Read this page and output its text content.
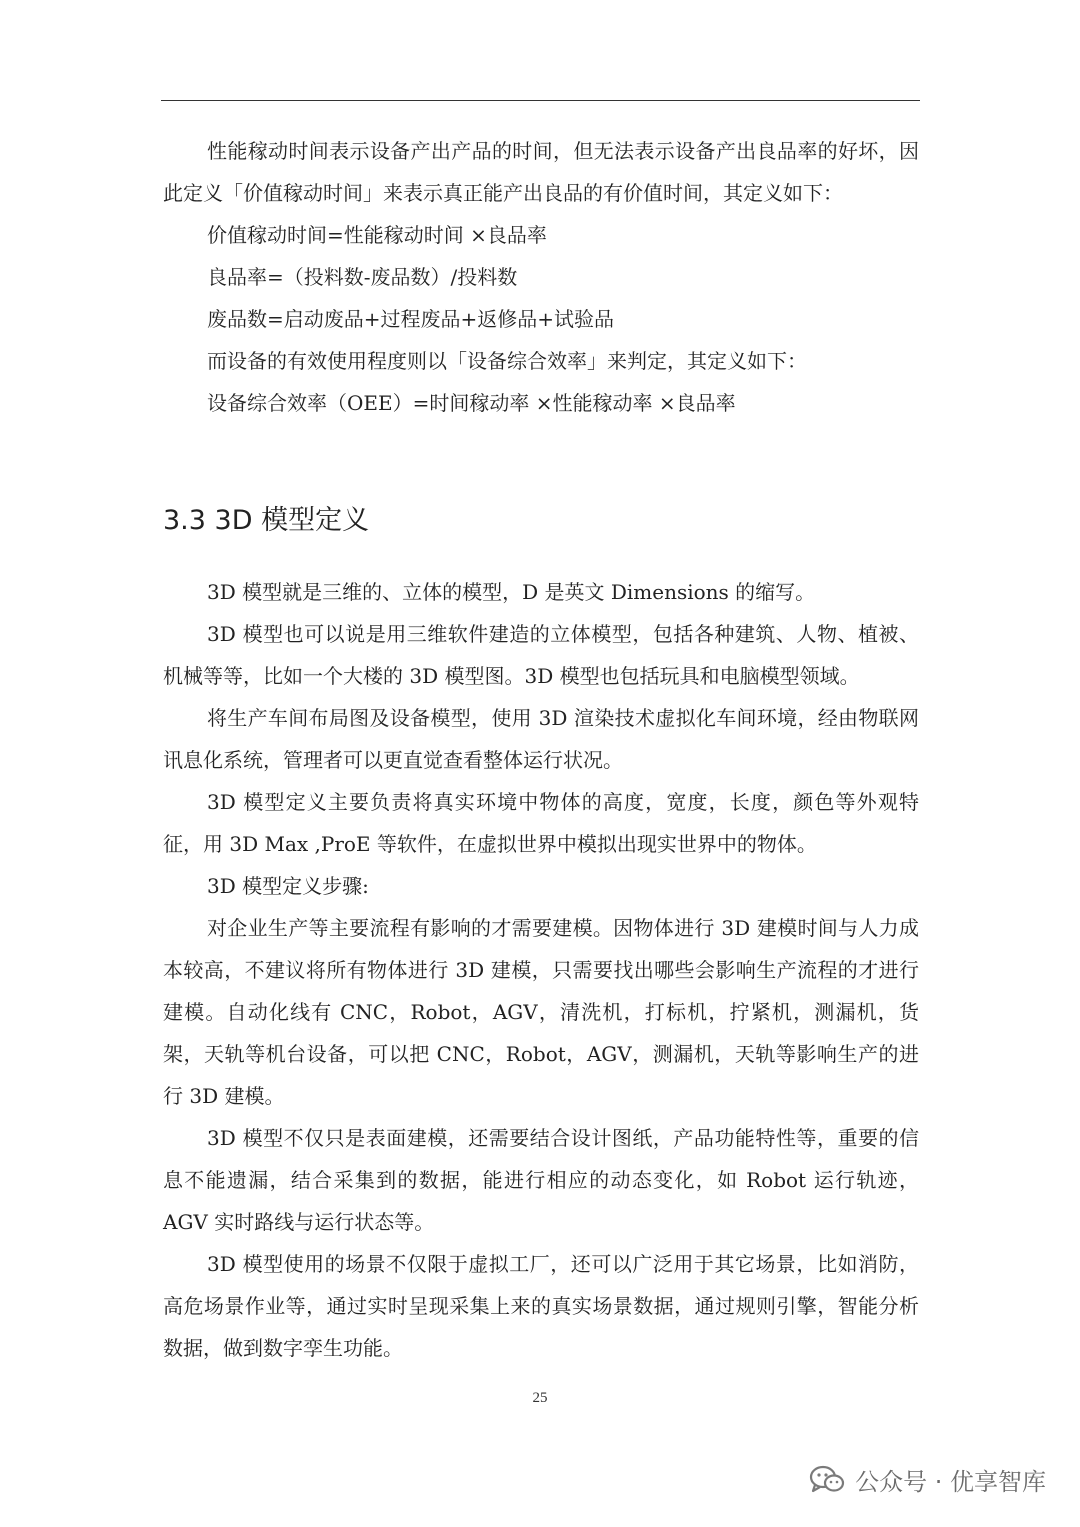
性能稼动时间表示设备产出产品的时间，但无法表示设备产出良品率的好坏，因此定义「价值稼动时间」来表示真正能产出良品的有价值时间，其定义如下：

价值稼动时间=性能稼动时间 ×良品率

良品率=（投料数-废品数）/投料数

废品数=启动废品+过程废品+返修品+试验品

而设备的有效使用程度则以「设备综合效率」来判定，其定义如下：

设备综合效率（OEE）=时间稼动率 ×性能稼动率 ×良品率

3.3 3D 模型定义

3D 模型就是三维的、立体的模型，D 是英文 Dimensions 的缩写。

3D 模型也可以说是用三维软件建造的立体模型，包括各种建筑、人物、植被、机械等等，比如一个大楼的 3D 模型图。3D 模型也包括玩具和电脑模型领域。

将生产车间布局图及设备模型，使用 3D 渲染技术虚拟化车间环境，经由物联网讯息化系统，管理者可以更直觉查看整体运行状况。

3D 模型定义主要负责将真实环境中物体的高度，宽度，长度，颜色等外观特征，用 3D Max ,ProE 等软件，在虚拟世界中模拟出现实世界中的物体。

3D 模型定义步骤:

对企业生产等主要流程有影响的才需要建模。因物体进行 3D 建模时间与人力成本较高，不建议将所有物体进行 3D 建模，只需要找出哪些会影响生产流程的才进行建模。自动化线有 CNC，Robot，AGV，清洗机，打标机，拧紧机，测漏机，货架，天轨等机台设备，可以把 CNC，Robot，AGV，测漏机，天轨等影响生产的进行 3D 建模。

3D 模型不仅只是表面建模，还需要结合设计图纸，产品功能特性等，重要的信息不能遗漏，结合采集到的数据，能进行相应的动态变化，如 Robot 运行轨迹，AGV 实时路线与运行状态等。

3D 模型使用的场景不仅限于虚拟工厂，还可以广泛用于其它场景，比如消防，高危场景作业等，通过实时呈现采集上来的真实场景数据，通过规则引擎，智能分析数据，做到数字孪生功能。

25
公众号 · 优享智库
